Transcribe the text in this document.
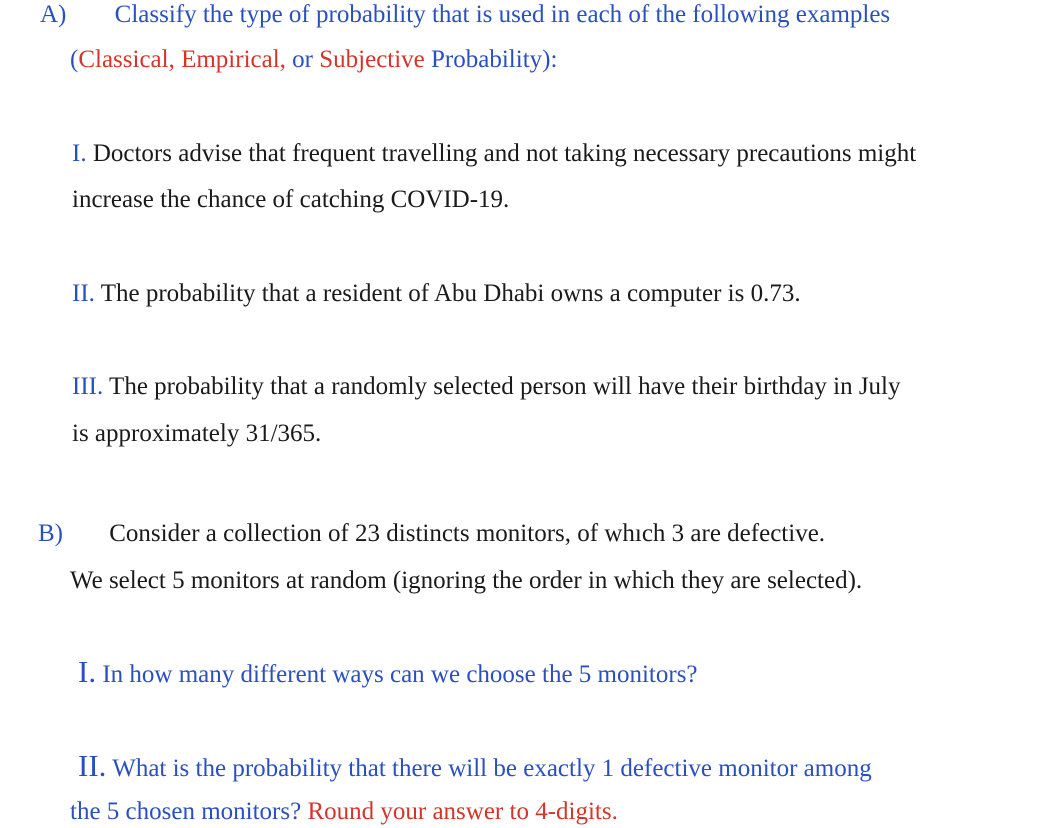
A) Classify the type of probability that is used in each of the following examples
(Classical, Empirical, or Subjective Probability):
I. Doctors advise that frequent travelling and not taking necessary precautions might
increase the chance of catching COVID-19.
II. The probability that a resident of Abu Dhabi owns a computer is 0.73.
III. The probability that a randomly selected person will have their birthday in July
is approximately 31/365.
B) Consider a collection of 23 distincts monitors, of whıch 3 are defective.
We select 5 monitors at random (ignoring the order in which they are selected).
I. In how many different ways can we choose the 5 monitors?
II. What is the probability that there will be exactly 1 defective monitor among
the 5 chosen monitors? Round your answer to 4-digits.
